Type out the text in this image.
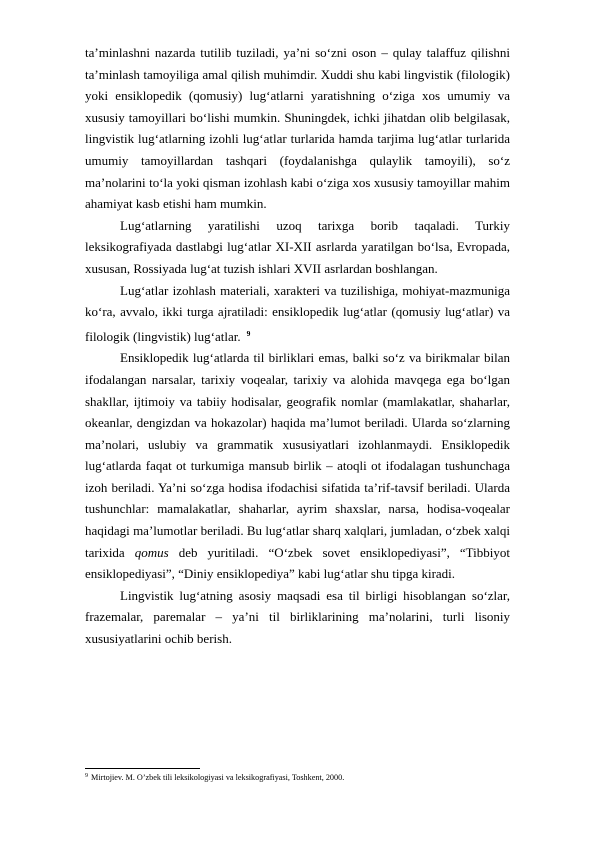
ta’minlashni nazarda tutilib tuziladi, ya’ni so‘zni oson – qulay talaffuz qilishni ta’minlash tamoyiliga amal qilish muhimdir. Xuddi shu kabi lingvistik (filologik) yoki ensiklopedik (qomusiy) lug‘atlarni yaratishning o‘ziga xos umumiy va xususiy tamoyillari bo‘lishi mumkin. Shuningdek, ichki jihatdan olib belgilasak, lingvistik lug‘atlarning izohli lug‘atlar turlarida hamda tarjima lug‘atlar turlarida umumiy tamoyillardan tashqari (foydalanishga qulaylik tamoyili), so‘z ma’nolarini to‘la yoki qisman izohlash kabi o‘ziga xos xususiy tamoyillar mahim ahamiyat kasb etishi ham mumkin.

Lug‘atlarning yaratilishi uzoq tarixga borib taqaladi. Turkiy leksikografiyada dastlabgi lug‘atlar XI-XII asrlarda yaratilgan bo‘lsa, Evropada, xususan, Rossiyada lug‘at tuzish ishlari XVII asrlardan boshlangan.

Lug‘atlar izohlash materiali, xarakteri va tuzilishiga, mohiyat-mazmuniga ko‘ra, avvalo, ikki turga ajratiladi: ensiklopedik lug‘atlar (qomusiy lug‘atlar) va filologik (lingvistik) lug‘atlar. $^9$

Ensiklopedik lug‘atlarda til birliklari emas, balki so‘z va birikmalar bilan ifodalangan narsalar, tarixiy voqealar, tarixiy va alohida mavqega ega bo‘lgan shakllar, ijtimoiy va tabiiy hodisalar, geografik nomlar (mamlakatlar, shaharlar, okeanlar, dengizdan va hokazolar) haqida ma’lumot beriladi. Ularda so‘zlarning ma’nolari, uslubiy va grammatik xususiyatlari izohlanmaydi. Ensiklopedik lug‘atlarda faqat ot turkumiga mansub birlik – atoqli ot ifodalagan tushunchaga izoh beriladi. Ya’ni so‘zga hodisa ifodachisi sifatida ta’rif-tavsif beriladi. Ularda tushunchlar: mamalakatlar, shaharlar, ayrim shaxslar, narsa, hodisa-voqealar haqidagi ma’lumotlar beriladi. Bu lug‘atlar sharq xalqlari, jumladan, o‘zbek xalqi tarixida qomus deb yuritiladi. “O‘zbek sovet ensiklopediyasi”, “Tibbiyot ensiklopediyasi”, “Diniy ensiklopediya” kabi lug‘atlar shu tipga kiradi.

Lingvistik lug‘atning asosiy maqsadi esa til birligi hisoblangan so‘zlar, frazemalar, paremalar – ya’ni til birliklarining ma’nolarini, turli lisoniy xususiyatlarini ochib berish.

$^9$ Mirtojiev. M. O’zbek tili leksikologiyasi va leksikografiyasi, Toshkent, 2000.
